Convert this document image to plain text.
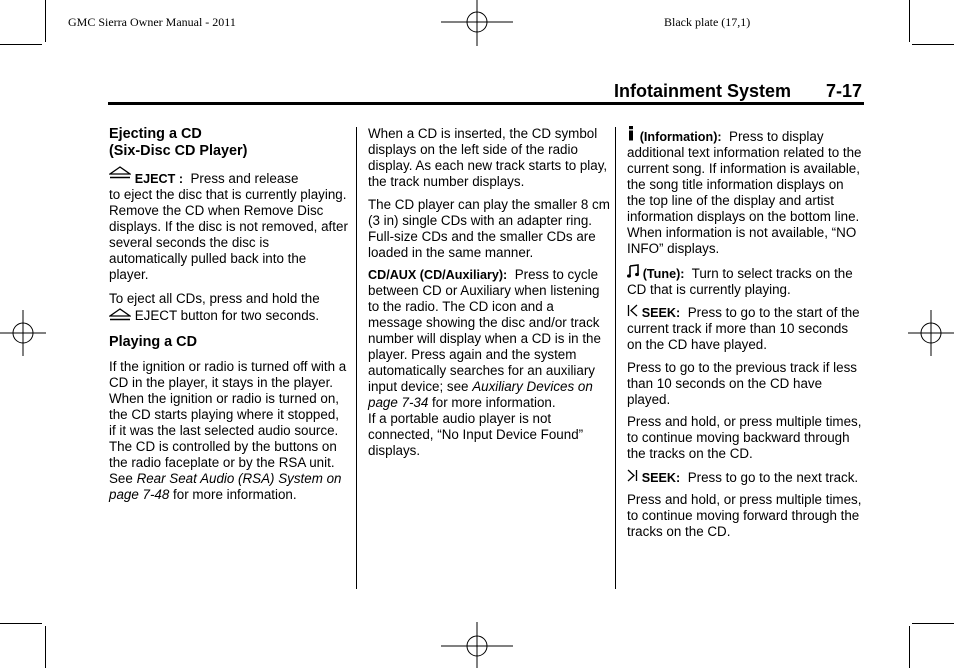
GMC Sierra Owner Manual - 2011	Black plate (17,1)
Infotainment System 7-17
Ejecting a CD
(Six-Disc CD Player)

EJECT : Press and release
to eject the disc that is currently playing. Remove the CD when Remove Disc displays. If the disc is not removed, after several seconds the disc is automatically pulled back into the player.

To eject all CDs, press and hold the
EJECT button for two seconds.

Playing a CD

If the ignition or radio is turned off with a CD in the player, it stays in the player. When the ignition or radio is turned on, the CD starts playing where it stopped, if it was the last selected audio source.

The CD is controlled by the buttons on the radio faceplate or by the RSA unit. See Rear Seat Audio (RSA) System on page 7-48 for more information.

When a CD is inserted, the CD symbol displays on the left side of the radio display. As each new track starts to play, the track number displays.

The CD player can play the smaller 8 cm (3 in) single CDs with an adapter ring. Full-size CDs and the smaller CDs are loaded in the same manner.

CD/AUX (CD/Auxiliary): Press to cycle between CD or Auxiliary when listening to the radio. The CD icon and a message showing the disc and/or track number will display when a CD is in the player. Press again and the system automatically searches for an auxiliary input device; see Auxiliary Devices on page 7-34 for more information.

If a portable audio player is not connected, “No Input Device Found” displays.

(Information): Press to display additional text information related to the current song. If information is available, the song title information displays on the top line of the display and artist information displays on the bottom line.

When information is not available, “NO INFO” displays.

(Tune): Turn to select tracks on the CD that is currently playing.

SEEK: Press to go to the start of the current track if more than 10 seconds on the CD have played.

Press to go to the previous track if less than 10 seconds on the CD have played.

Press and hold, or press multiple times, to continue moving backward through the tracks on the CD.

SEEK: Press to go to the next track.

Press and hold, or press multiple times, to continue moving forward through the tracks on the CD.
